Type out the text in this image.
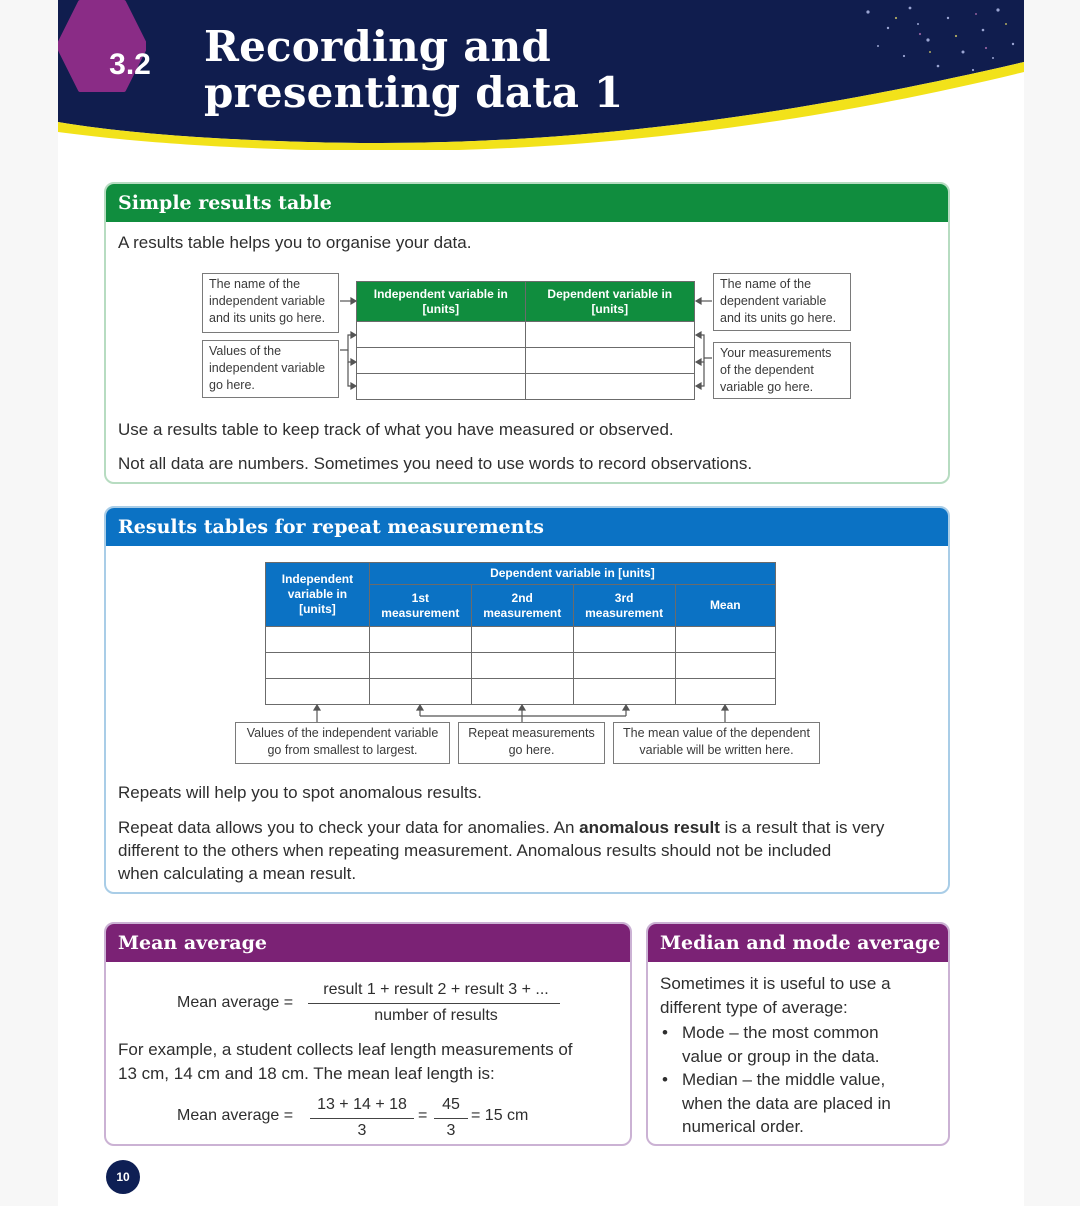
3.2	Recording and
presenting data 1
Simple results table
A results table helps you to organise your data.
The name of the independent variable and its units go here.
Values of the independent variable go here.
The name of the dependent variable and its units go here.
Your measurements of the dependent variable go here.
Independent variable in [units]	Dependent variable in [units]

Use a results table to keep track of what you have measured or observed.
Not all data are numbers. Sometimes you need to use words to record observations.
Results tables for repeat measurements
Independent variable in [units]	Dependent variable in [units]			
	1st measurement	2nd measurement	3rd measurement	Mean

Values of the independent variable go from smallest to largest.
Repeat measurements go here.
The mean value of the dependent variable will be written here.
Repeats will help you to spot anomalous results.
Repeat data allows you to check your data for anomalies. An anomalous result is a result that is very
different to the others when repeating measurement. Anomalous results should not be included
when calculating a mean result.
Mean average
Mean average =
result 1 + result 2 + result 3 + ...
number of results
For example, a student collects leaf length measurements of
13 cm, 14 cm and 18 cm. The mean leaf length is:
Mean average =
13 + 14 + 18
3
=
45
3
= 15 cm
Median and mode average
Sometimes it is useful to use a
different type of average:
• Mode – the most common
value or group in the data.
• Median – the middle value,
when the data are placed in
numerical order.
10
